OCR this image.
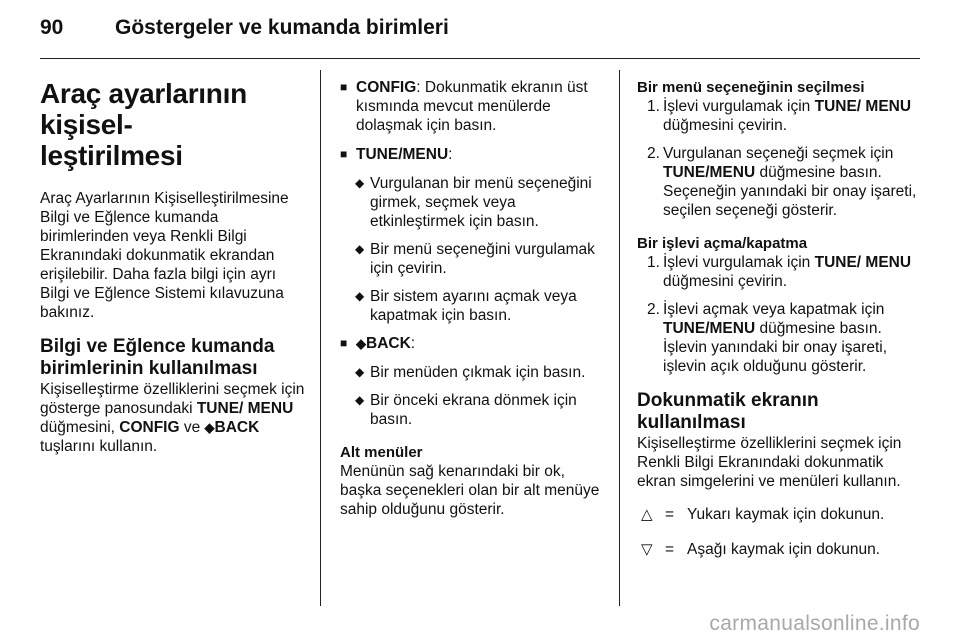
90 Göstergeler ve kumanda birimleri
Araç ayarlarının kişisel-
leştirilmesi

Araç Ayarlarının Kişiselleştirilmesine Bilgi ve Eğlence kumanda birimlerinden veya Renkli Bilgi Ekranındaki dokunmatik ekrandan erişilebilir. Daha fazla bilgi için ayrı Bilgi ve Eğlence Sistemi kılavuzuna bakınız.

Bilgi ve Eğlence kumanda birimlerinin kullanılması

Kişiselleştirme özelliklerini seçmek için gösterge panosundaki TUNE/ MENU düğmesini, CONFIG ve ◆BACK tuşlarını kullanın.

■ CONFIG: Dokunmatik ekranın üst kısmında mevcut menülerde dolaşmak için basın.
■ TUNE/MENU:
◆ Vurgulanan bir menü seçeneğini girmek, seçmek veya etkinleştirmek için basın.
◆ Bir menü seçeneğini vurgulamak için çevirin.
◆ Bir sistem ayarını açmak veya kapatmak için basın.
■ ◆BACK:
◆ Bir menüden çıkmak için basın.
◆ Bir önceki ekrana dönmek için basın.
Alt menüler

Menünün sağ kenarındaki bir ok, başka seçenekleri olan bir alt menüye sahip olduğunu gösterir.

Bir menü seçeneğinin seçilmesi
1. İşlevi vurgulamak için TUNE/ MENU düğmesini çevirin.
2. Vurgulanan seçeneği seçmek için TUNE/MENU düğmesine basın. Seçeneğin yanındaki bir onay işareti, seçilen seçeneği gösterir.
Bir işlevi açma/kapatma
1. İşlevi vurgulamak için TUNE/ MENU düğmesini çevirin.
2. İşlevi açmak veya kapatmak için TUNE/MENU düğmesine basın. İşlevin yanındaki bir onay işareti, işlevin açık olduğunu gösterir.
Dokunmatik ekranın kullanılması

Kişiselleştirme özelliklerini seçmek için Renkli Bilgi Ekranındaki dokunmatik ekran simgelerini ve menüleri kullanın.

△ = Yukarı kaymak için dokunun.
▽ = Aşağı kaymak için dokunun.
carmanualsonline.info
